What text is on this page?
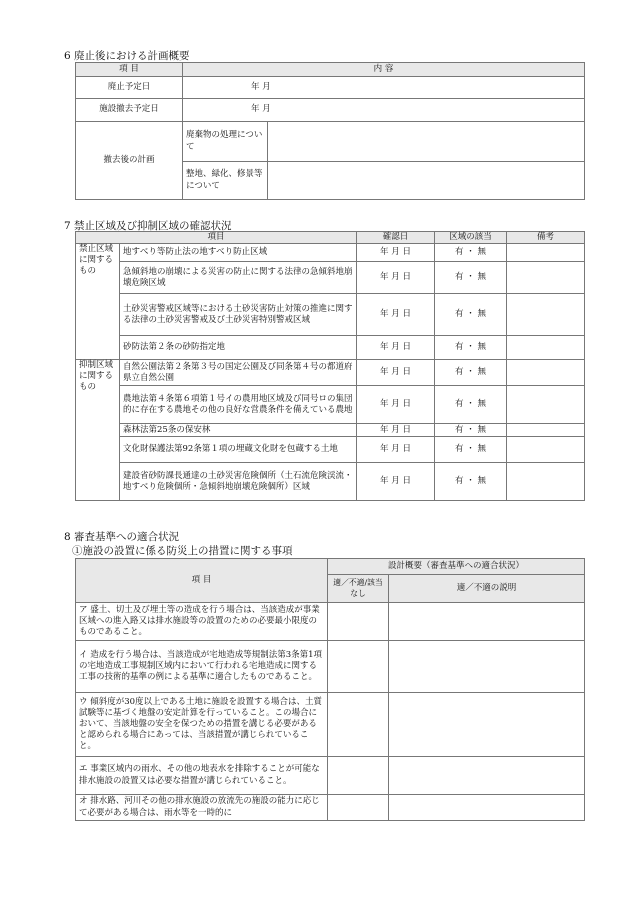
6 廃止後における計画概要
項 目	内 容	
廃止予定日	年 月	
施設撤去予定日	年 月	
撤去後の計画	廃棄物の処理について	
	整地、緑化、修景等について	
7 禁止区域及び抑制区域の確認状況
項目		確認日	区域の該当	備考
禁止区域に関するもの	地すべり等防止法の地すべり防止区域	年 月 日	有 ・ 無	
	急傾斜地の崩壊による災害の防止に関する法律の急傾斜地崩壊危険区域	年 月 日	有 ・ 無	
	土砂災害警戒区域等における土砂災害防止対策の推進に関する法律の土砂災害警戒及び土砂災害特別警戒区域	年 月 日	有 ・ 無	
	砂防法第２条の砂防指定地	年 月 日	有 ・ 無	
抑制区域に関するもの	自然公園法第２条第３号の国定公園及び同条第４号の都道府県立自然公園	年 月 日	有 ・ 無	
	農地法第４条第６項第１号イの農用地区域及び同号ロの集団的に存在する農地その他の良好な営農条件を備えている農地	年 月 日	有 ・ 無	
	森林法第25条の保安林	年 月 日	有 ・ 無	
	文化財保護法第92条第１項の埋蔵文化財を包蔵する土地	年 月 日	有 ・ 無	
	建設省砂防課長通達の土砂災害危険個所（土石流危険渓流・地すべり危険個所・急傾斜地崩壊危険個所）区域	年 月 日	有 ・ 無	
8 審査基準への適合状況
①施設の設置に係る防災上の措置に関する事項
項 目	設計概要（審査基準への適合状況）	
	適／不適/該当なし	適／不適の説明
ア 盛土、切土及び埋土等の造成を行う場合は、当該造成が事業区域への進入路又は排水施設等の設置のための必要最小限度のものであること。		
イ 造成を行う場合は、当該造成が宅地造成等規制法第3条第1項の宅地造成工事規制区域内において行われる宅地造成に関する工事の技術的基準の例による基準に適合したものであること。		
ウ 傾斜度が30度以上である土地に施設を設置する場合は、土質試験等に基づく地盤の安定計算を行っていること。この場合において、当該地盤の安全を保つための措置を講じる必要があると認められる場合にあっては、当該措置が講じられていること。		
エ 事業区域内の雨水、その他の地表水を排除することが可能な排水施設の設置又は必要な措置が講じられていること。		
オ 排水路、河川その他の排水施設の放流先の施設の能力に応じて必要がある場合は、雨水等を一時的に		
